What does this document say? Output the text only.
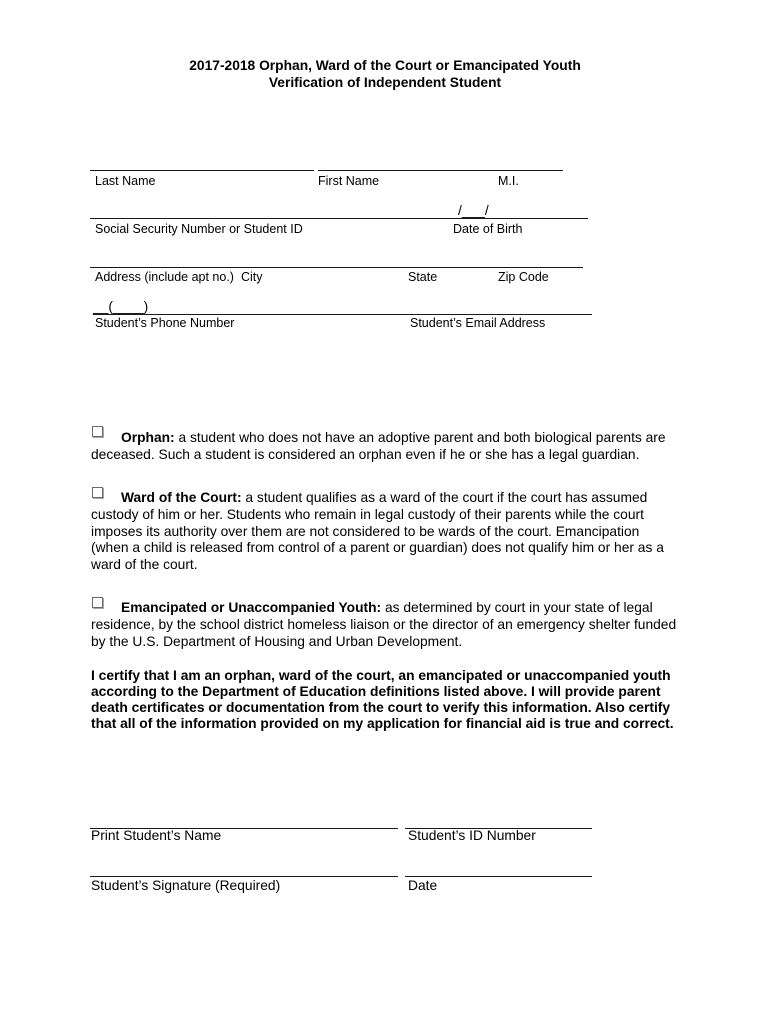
2017-2018 Orphan, Ward of the Court or Emancipated Youth
Verification of Independent Student
Last Name	First Name	M.I.
/___/
Social Security Number or Student ID	Date of Birth
Address (include apt no.) City	State	Zip Code
__(____)
Student’s Phone Number	Student’s Email Address
Orphan: a student who does not have an adoptive parent and both biological parents are
deceased. Such a student is considered an orphan even if he or she has a legal guardian.
Ward of the Court: a student qualifies as a ward of the court if the court has assumed
custody of him or her. Students who remain in legal custody of their parents while the court
imposes its authority over them are not considered to be wards of the court. Emancipation
(when a child is released from control of a parent or guardian) does not qualify him or her as a
ward of the court.
Emancipated or Unaccompanied Youth: as determined by court in your state of legal
residence, by the school district homeless liaison or the director of an emergency shelter funded
by the U.S. Department of Housing and Urban Development.
I certify that I am an orphan, ward of the court, an emancipated or unaccompanied youth
according to the Department of Education definitions listed above. I will provide parent
death certificates or documentation from the court to verify this information. Also certify
that all of the information provided on my application for financial aid is true and correct.
Print Student’s Name	Student’s ID Number
Student’s Signature (Required)	Date
